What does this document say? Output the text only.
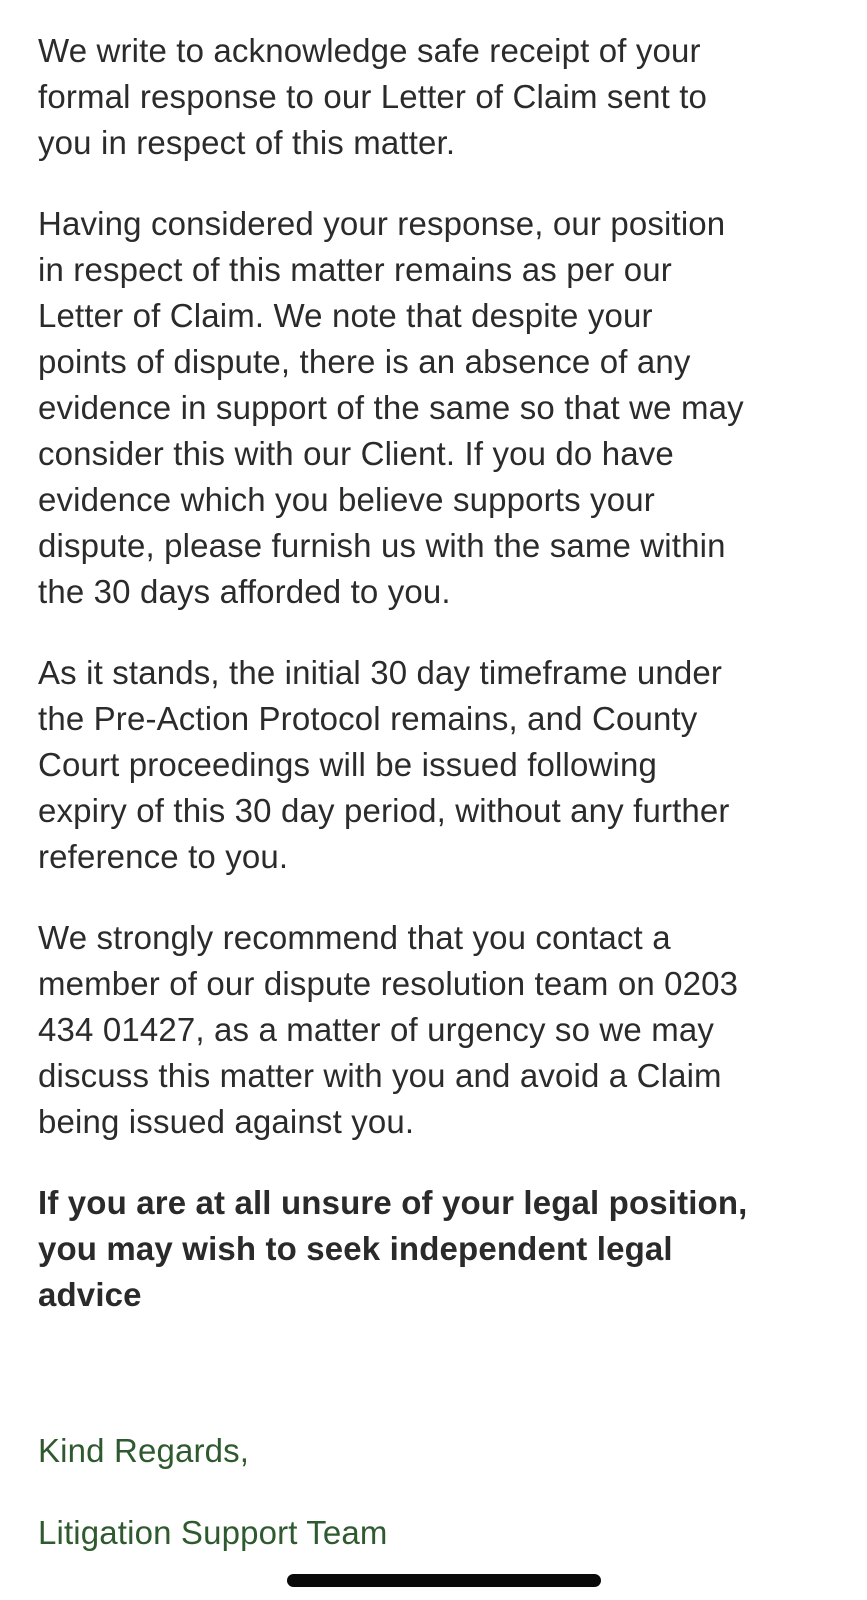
We write to acknowledge safe receipt of your
formal response to our Letter of Claim sent to
you in respect of this matter.

Having considered your response, our position
in respect of this matter remains as per our
Letter of Claim. We note that despite your
points of dispute, there is an absence of any
evidence in support of the same so that we may
consider this with our Client. If you do have
evidence which you believe supports your
dispute, please furnish us with the same within
the 30 days afforded to you.

As it stands, the initial 30 day timeframe under
the Pre-Action Protocol remains, and County
Court proceedings will be issued following
expiry of this 30 day period, without any further
reference to you.

We strongly recommend that you contact a
member of our dispute resolution team on 0203
434 01427, as a matter of urgency so we may
discuss this matter with you and avoid a Claim
being issued against you.

If you are at all unsure of your legal position,
you may wish to seek independent legal
advice

Kind Regards,

Litigation Support Team
